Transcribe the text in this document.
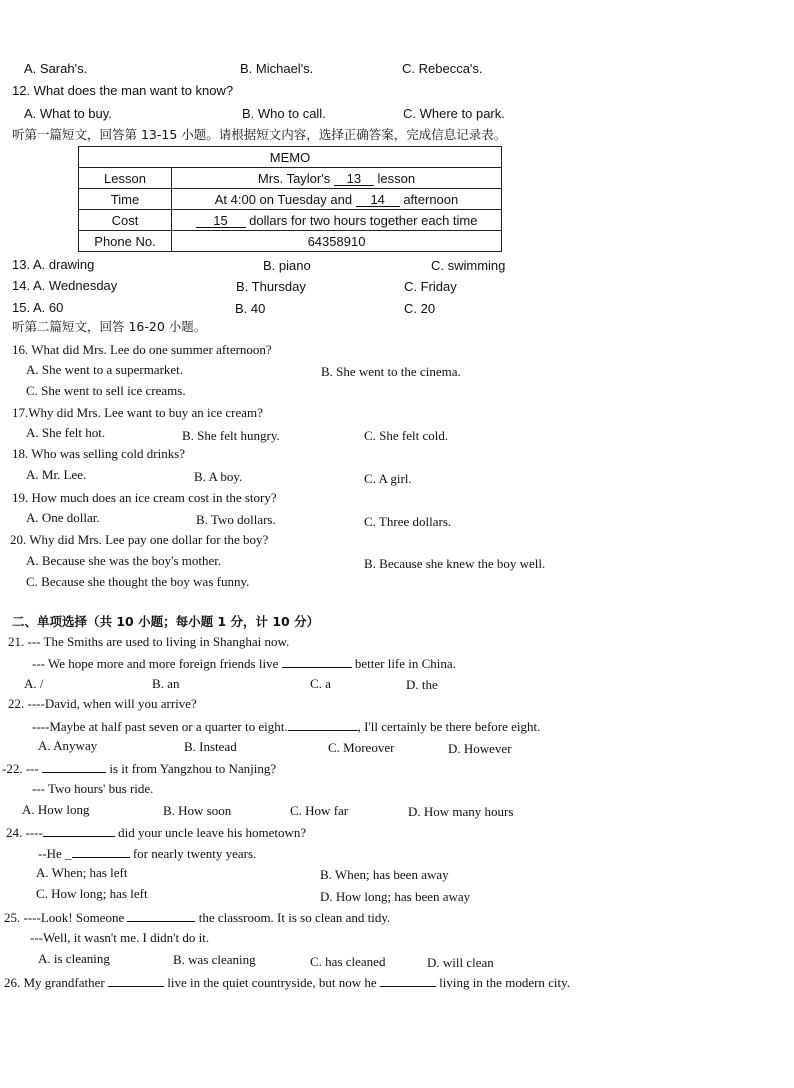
A. Sarah's.	B. Michael's.	C. Rebecca's.
12. What does the man want to know?
A. What to buy.	B. Who to call.	C. Where to park.
听第一篇短文，回答第 13-15 小题。请根据短文内容，选择正确答案，完成信息记录表。
MEMO	
Lesson	Mrs. Taylor's 13 lesson
Time	At 4:00 on Tuesday and 14 afternoon
Cost	15 dollars for two hours together each time
Phone No.	64358910
13. A. drawing	B. piano	C. swimming
14. A. Wednesday	B. Thursday	C. Friday
15. A. 60	B. 40	C. 20
听第二篇短文，回答 16-20 小题。
16. What did Mrs. Lee do one summer afternoon?
A. She went to a supermarket.	B. She went to the cinema.
C. She went to sell ice creams.
17.Why did Mrs. Lee want to buy an ice cream?
A. She felt hot.	B. She felt hungry.	C. She felt cold.
18. Who was selling cold drinks?
A. Mr. Lee.	B. A boy.	C. A girl.
19. How much does an ice cream cost in the story?
A. One dollar.	B. Two dollars.	C. Three dollars.
20. Why did Mrs. Lee pay one dollar for the boy?
A. Because she was the boy's mother.	B. Because she knew the boy well.
C. Because she thought the boy was funny.
二、单项选择（共 10 小题；每小题 1 分，计 10 分）
21. --- The Smiths are used to living in Shanghai now.
--- We hope more and more foreign friends live	better life in China.
A. /	B. an	C. a	D. the
22. ----David, when will you arrive?
----Maybe at half past seven or a quarter to eight.	, I'll certainly be there before eight.
A. Anyway	B. Instead	C. Moreover	D. However
-22. ---	is it from Yangzhou to Nanjing?
--- Two hours' bus ride.
A. How long	B. How soon	C. How far	D. How many hours
24. ----	did your uncle leave his hometown?
--He _	for nearly twenty years.
A. When; has left	B. When; has been away
C. How long; has left	D. How long; has been away
25. ----Look! Someone	the classroom. It is so clean and tidy.
---Well, it wasn't me. I didn't do it.
A. is cleaning	B. was cleaning	C. has cleaned	D. will clean
26. My grandfather	live in the quiet countryside, but now he	living in the modern city.
